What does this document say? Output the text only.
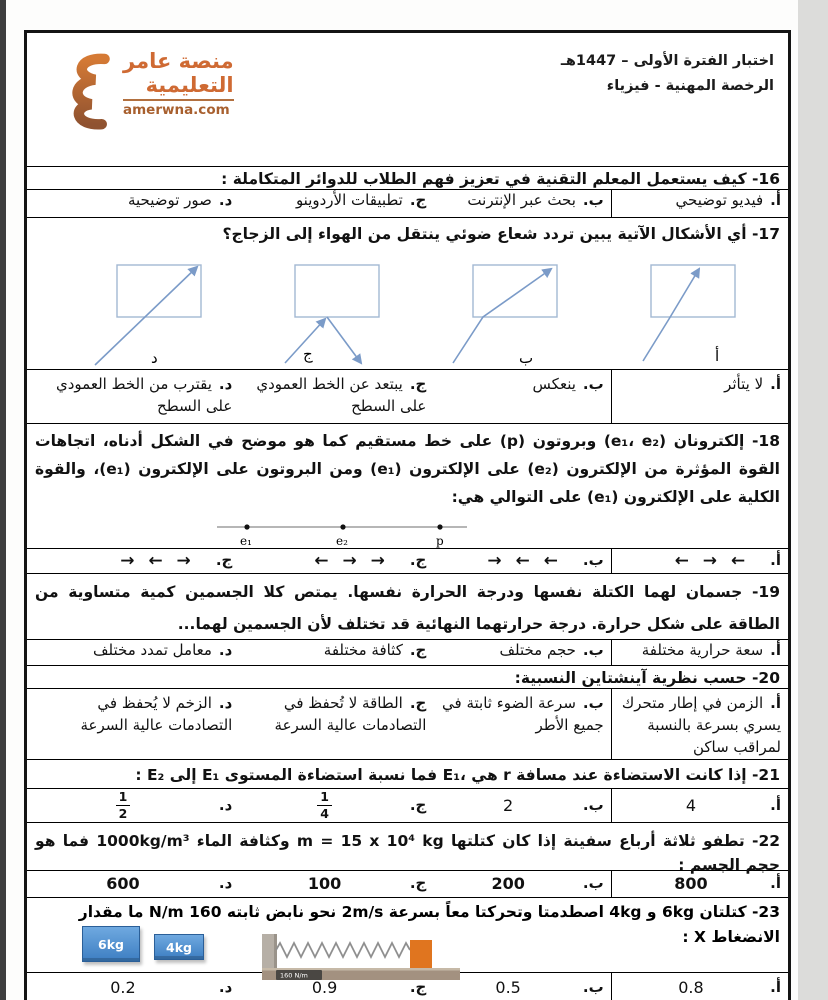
اختبار الفترة الأولى – 1447هـ
الرخصة المهنية - فيزياء
منصة عامر
التعليمية
amerwna.com
16- كيف يستعمل المعلم التقنية في تعزيز فهم الطلاب للدوائر المتكاملة :
أ.فيديو توضيحي
ب.بحث عبر الإنترنت
ج.تطبيقات الأردوينو
د.صور توضيحية
17- أي الأشكال الآتية يبين تردد شعاع ضوئي ينتقل من الهواء إلى الزجاج؟
د	ج	ب	أ
أ.لا يتأثر
ب.ينعكس
ج.يبتعد عن الخط العمودي على السطح
د.يقترب من الخط العمودي على السطح
18- إلكترونان (e₁، e₂) وبروتون (p) على خط مستقيم كما هو موضح في الشكل أدناه، اتجاهات القوة المؤثرة من الإلكترون (e₂) على الإلكترون (e₁) ومن البروتون على الإلكترون (e₁)، والقوة الكلية على الإلكترون (e₁) على التوالي هي:
e₁	e₂	p
أ.
← → ←
ب.
→ ← ←
ج.
← → →
ج.
→ ← →
19- جسمان لهما الكتلة نفسها ودرجة الحرارة نفسها. يمتص كلا الجسمين كمية متساوية من الطاقة على شكل حرارة. درجة حرارتهما النهائية قد تختلف لأن الجسمين لهما...
أ.سعة حرارية مختلفة
ب.حجم مختلف
ج.كثافة مختلفة
د.معامل تمدد مختلف
20- حسب نظرية آينشتاين النسبية:
أ.الزمن في إطار متحرك يسري بسرعة بالنسبة لمراقب ساكن
ب.سرعة الضوء ثابتة في جميع الأطر
ج.الطاقة لا تُحفظ في التصادمات عالية السرعة
د.الزخم لا يُحفظ في التصادمات عالية السرعة
21- إذا كانت الاستضاءة عند مسافة r هي ،E₁ فما نسبة استضاءة المستوى E₁ إلى E₂ :
أ.
4
ب.
2
ج.
$\frac{1}{4}$
د.
$\frac{1}{2}$
22- تطفو ثلاثة أرباع سفينة إذا كان كتلتها m = 15 x 10⁴ kg وكثافة الماء 1000kg/m³ فما هو حجم الجسم :
أ.
800
ب.
200
ج.
100
د.
600
23- كتلتان 6kg و 4kg اصطدمتا وتحركتا معاً بسرعة 2m/s نحو نابض ثابته 160 N/m ما مقدار
الانضغاط X :
6kg	4kg
160 N/m
أ.
0.8
ب.
0.5
ج.
0.9
د.
0.2
